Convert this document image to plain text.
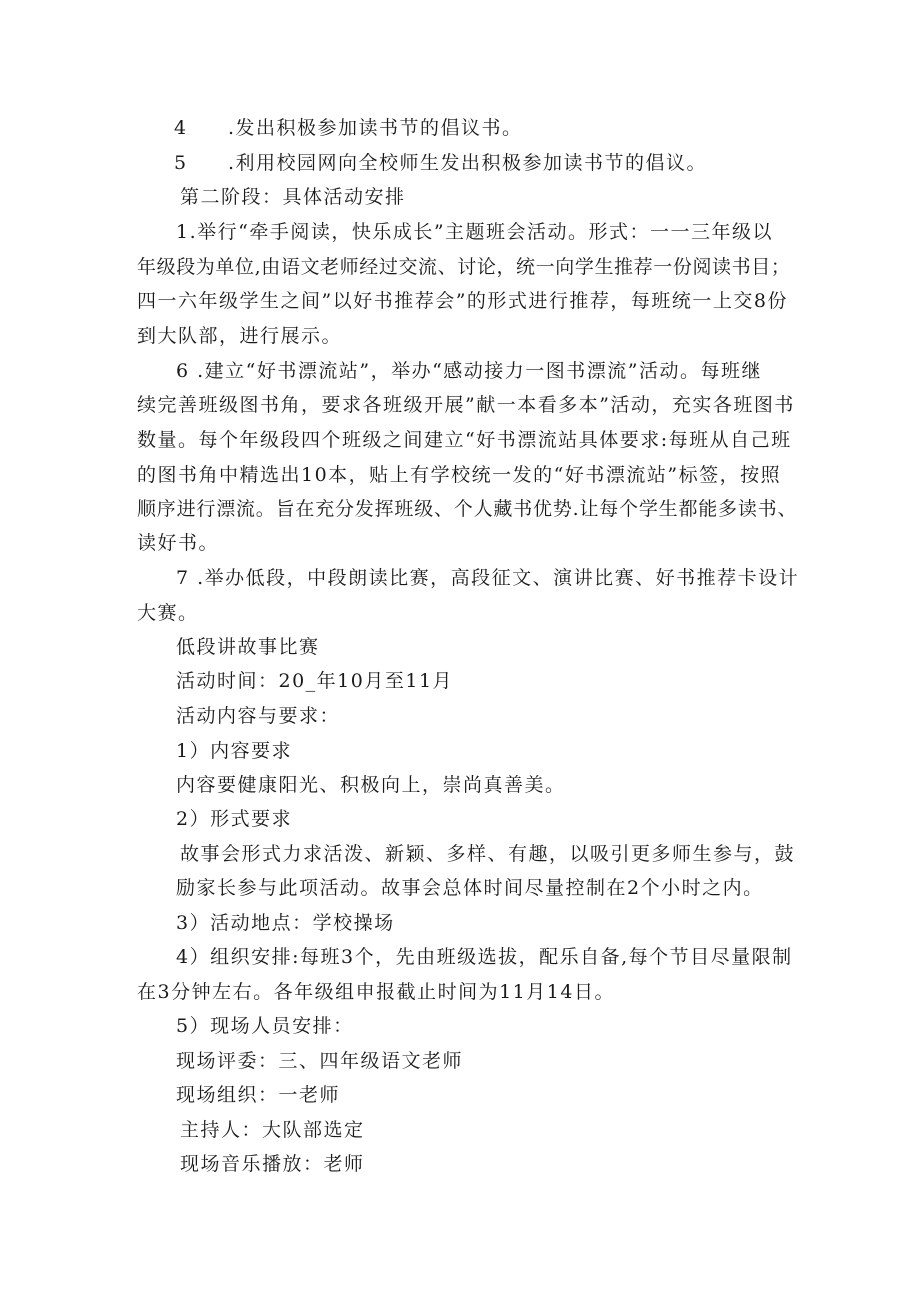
4 .发出积极参加读书节的倡议书。
5 .利用校园网向全校师生发出积极参加读书节的倡议。
第二阶段：具体活动安排
1.举行“牵手阅读，快乐成长”主题班会活动。形式：一一三年级以
年级段为单位,由语文老师经过交流、讨论，统一向学生推荐一份阅读书目；
四一六年级学生之间”以好书推荐会”的形式进行推荐，每班统一上交8份
到大队部，进行展示。
6 .建立“好书漂流站”，举办“感动接力一图书漂流”活动。每班继
续完善班级图书角，要求各班级开展”献一本看多本”活动，充实各班图书
数量。每个年级段四个班级之间建立“好书漂流站具体要求:每班从自己班
的图书角中精选出10本，贴上有学校统一发的“好书漂流站”标签，按照
顺序进行漂流。旨在充分发挥班级、个人藏书优势.让每个学生都能多读书、
读好书。
7 .举办低段，中段朗读比赛，高段征文、演讲比赛、好书推荐卡设计
大赛。
低段讲故事比赛
活动时间：20_年10月至11月
活动内容与要求：
1）内容要求
内容要健康阳光、积极向上，崇尚真善美。
2）形式要求
故事会形式力求活泼、新颖、多样、有趣，以吸引更多师生参与，鼓
励家长参与此项活动。故事会总体时间尽量控制在2个小时之内。
3）活动地点：学校操场
4）组织安排:每班3个，先由班级选拔，配乐自备,每个节目尽量限制
在3分钟左右。各年级组申报截止时间为11月14日。
5）现场人员安排：
现场评委：三、四年级语文老师
现场组织：一老师
主持人：大队部选定
现场音乐播放：老师
